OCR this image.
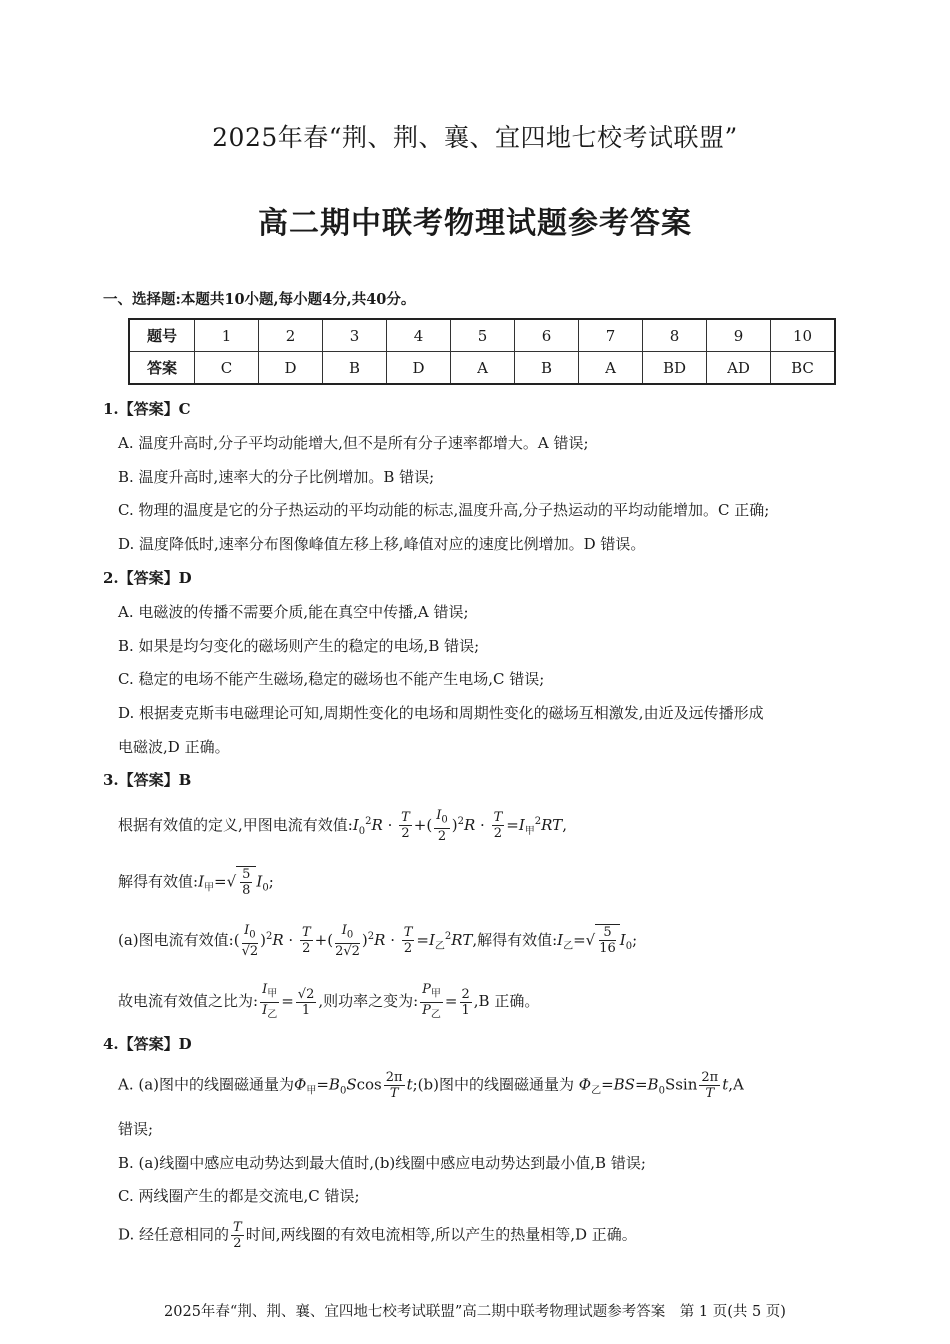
2025年春“荆、荆、襄、宜四地七校考试联盟”
高二期中联考物理试题参考答案
一、选择题:本题共10小题,每小题4分,共40分。
题号	1	2	3	4	5	6	7	8	9	10
答案	C	D	B	D	A	B	A	BD	AD	BC
1.【答案】C
A. 温度升高时,分子平均动能增大,但不是所有分子速率都增大。A 错误;
B. 温度升高时,速率大的分子比例增加。B 错误;
C. 物理的温度是它的分子热运动的平均动能的标志,温度升高,分子热运动的平均动能增加。C 正确;
D. 温度降低时,速率分布图像峰值左移上移,峰值对应的速度比例增加。D 错误。
2.【答案】D
A. 电磁波的传播不需要介质,能在真空中传播,A 错误;
B. 如果是均匀变化的磁场则产生的稳定的电场,B 错误;
C. 稳定的电场不能产生磁场,稳定的磁场也不能产生电场,C 错误;
D. 根据麦克斯韦电磁理论可知,周期性变化的电场和周期性变化的磁场互相激发,由近及远传播形成
电磁波,D 正确。
3.【答案】B
根据有效值的定义,甲图电流有效值$:I_0^2R \cdot \frac{T}{2}$ +( $\frac{I_0}{2} )^2R \cdot \frac{T}{2} =I_甲^2RT$,
解得有效值$:I_甲=√ \frac{5}{8} I_0$;
(a)图电流有效值:( $\frac{I_0}{√2} )^2R \cdot \frac{T}{2}$ +( $\frac{I_0}{2√2} )^2R \cdot \frac{T}{2} =I_乙^2RT$,解得有效值$:I_乙=√ \frac{5}{16} I_0$;
故电流有效值之比为: $\frac{I_甲}{I_乙} = \frac{√2}{1}$ ,则功率之变为: $\frac{P_甲}{P_乙} = \frac{2}{1} ,B$ 正确。
4.【答案】D
A. (a)图中的线圈磁通量为$\Phi_甲=B_0Scos \frac{2\pi}{T}$ t;(b)图中的线圈磁通量为 $\Phi_乙=BS=B_0Ssin \frac{2\pi}{T} t,A$
错误;
B. (a)线圈中感应电动势达到最大值时,(b)线圈中感应电动势达到最小值,B 错误;
C. 两线圈产生的都是交流电,C 错误;
D. 经任意相同的 $\frac{T}{2}$ 时间,两线圈的有效电流相等,所以产生的热量相等,D 正确。
2025年春“荆、荆、襄、宜四地七校考试联盟”高二期中联考物理试题参考答案　第 1 页(共 5 页)
